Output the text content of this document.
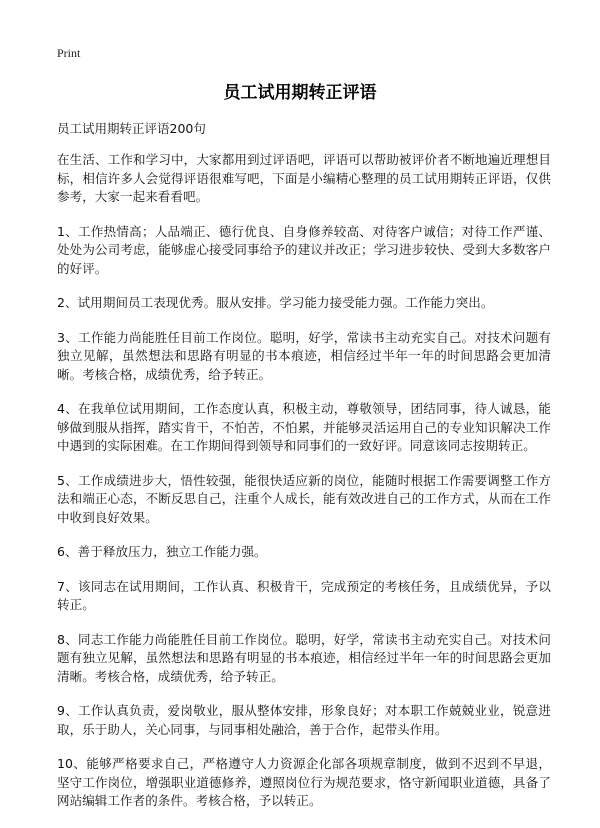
Print
员工试用期转正评语

员工试用期转正评语200句

在生活、工作和学习中，大家都用到过评语吧，评语可以帮助被评价者不断地遍近理想目标，相信许多人会觉得评语很难写吧，下面是小编精心整理的员工试用期转正评语，仅供参考，大家一起来看看吧。

1、工作热情高；人品端正、德行优良、自身修养较高、对待客户诚信；对待工作严谨、处处为公司考虑，能够虚心接受同事给予的建议并改正；学习进步较快、受到大多数客户的好评。

2、试用期间员工表现优秀。服从安排。学习能力接受能力强。工作能力突出。

3、工作能力尚能胜任目前工作岗位。聪明，好学，常读书主动充实自己。对技术问题有独立见解，虽然想法和思路有明显的书本痕迹，相信经过半年一年的时间思路会更加清晰。考核合格，成绩优秀，给予转正。

4、在我单位试用期间，工作态度认真，积极主动，尊敬领导，团结同事，待人诚恳，能够做到服从指挥，踏实肯干，不怕苦，不怕累，并能够灵活运用自己的专业知识解决工作中遇到的实际困难。在工作期间得到领导和同事们的一致好评。同意该同志按期转正。

5、工作成绩进步大，悟性较强，能很快适应新的岗位，能随时根据工作需要调整工作方法和端正心态，不断反思自己，注重个人成长，能有效改进自己的工作方式，从而在工作中收到良好效果。

6、善于释放压力，独立工作能力强。

7、该同志在试用期间，工作认真、积极肯干，完成预定的考核任务，且成绩优异，予以转正。

8、同志工作能力尚能胜任目前工作岗位。聪明，好学，常读书主动充实自己。对技术问题有独立见解，虽然想法和思路有明显的书本痕迹，相信经过半年一年的时间思路会更加清晰。考核合格，成绩优秀，给予转正。

9、工作认真负责，爱岗敬业，服从整体安排，形象良好；对本职工作兢兢业业，锐意进取，乐于助人，关心同事，与同事相处融洽，善于合作，起带头作用。

10、能够严格要求自己，严格遵守人力资源企化部各项规章制度，做到不迟到不早退，坚守工作岗位，增强职业道德修养，遵照岗位行为规范要求，恪守新闻职业道德，具备了网站编辑工作者的条件。考核合格，予以转正。
